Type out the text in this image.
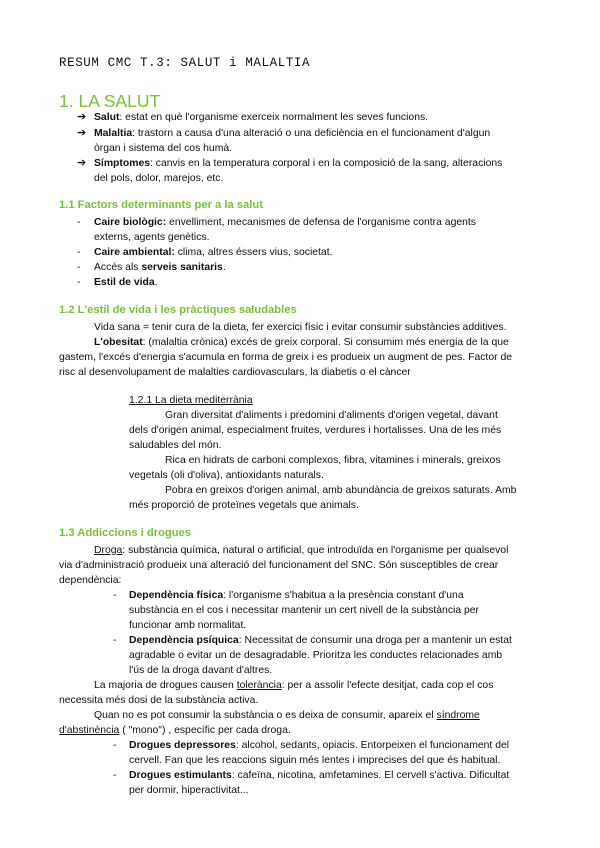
RESUM CMC T.3: SALUT i MALALTIA
1. LA SALUT
➔ Salut: estat en què l'organisme exerceix normalment les seves funcions.
➔ Malaltia: trastorn a causa d'una alteració o una deficiència en el funcionament d'algun
òrgan i sistema del cos humà.
➔ Símptomes: canvis en la temperatura corporal i en la composició de la sang, alteracions
del pols, dolor, marejos, etc.
1.1 Factors determinants per a la salut
- Caire biològic: envelliment, mecanismes de defensa de l'organisme contra agents
externs, agents genètics.
- Caire ambiental: clima, altres éssers vius, societat.
- Accés als serveis sanitaris.
- Estil de vida.
1.2 L'estil de vida i les pràctiques saludables
Vida sana = tenir cura de la dieta, fer exercici físic i evitar consumir substàncies additives.
L'obesitat: (malaltia crònica) excés de greix corporal. Si consumim més energia de la que
gastem, l'excés d'energia s'acumula en forma de greix i es produeix un augment de pes. Factor de
risc al desenvolupament de malalties cardiovasculars, la diabetis o el càncer
1.2.1 La dieta mediterrània
Gran diversitat d'aliments i predomini d'aliments d'origen vegetal, davant
dels d'origen animal, especialment fruites, verdures i hortalisses. Una de les més
saludables del món.
Rica en hidrats de carboni complexos, fibra, vitamines i minerals, greixos
vegetals (oli d'oliva), antioxidants naturals.
Pobra en greixos d'origen animal, amb abundància de greixos saturats. Amb
més proporció de proteïnes vegetals que animals.
1.3 Addiccions i drogues
Droga: substància química, natural o artificial, que introduïda en l'organisme per qualsevol
via d'administració produeix una alteració del funcionament del SNC. Són susceptibles de crear
dependència:
- Dependència física: l'organisme s'habitua a la presència constant d'una
substància en el cos i necessitar mantenir un cert nivell de la substància per
funcionar amb normalitat.
- Dependència psíquica: Necessitat de consumir una droga per a mantenir un estat
agradable o evitar un de desagradable. Prioritza les conductes relacionades amb
l'ús de la droga davant d'altres.
La majoria de drogues causen tolerància: per a assolir l'efecte desitjat, cada cop el cos
necessita més dosi de la substància activa.
Quan no es pot consumir la substància o es deixa de consumir, apareix el síndrome
d'abstinència ( "mono") , específic per cada droga.
- Drogues depressores: alcohol, sedants, opiacis. Entorpeixen el funcionament del
cervell. Fan que les reaccions siguin més lentes i imprecises del que és habitual.
- Drogues estimulants: cafeïna, nicotina, amfetamines. El cervell s'activa. Dificultat
per dormir, hiperactivitat...
